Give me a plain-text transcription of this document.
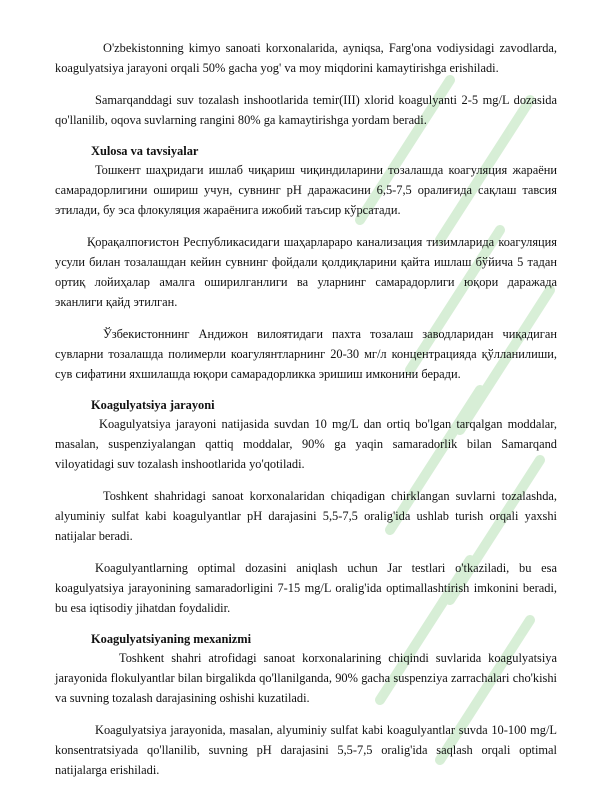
O'zbekistonning kimyo sanoati korxonalarida, ayniqsa, Farg'ona vodiysidagi zavodlarda, koagulyatsiya jarayoni orqali 50% gacha yog' va moy miqdorini kamaytirishga erishiladi.

Samarqanddagi suv tozalash inshootlarida temir(III) xlorid koagulyanti 2-5 mg/L dozasida qo'llanilib, oqova suvlarning rangini 80% ga kamaytirishga yordam beradi.

Xulosa va tavsiyalar

Тошкент шаҳридаги ишлаб чиқариш чиқиндиларини тозалашда коагуляция жараёни самарадорлигини ошириш учун, сувнинг pH даражасини 6,5-7,5 оралиғида сақлаш тавсия этилади, бу эса флокуляция жараёнига ижобий таъсир кўрсатади.

Қорақалпоғистон Республикасидаги шаҳарлараро канализация тизимларида коагуляция усули билан тозалашдан кейин сувнинг фойдали қолдиқларини қайта ишлаш бўйича 5 тадан ортиқ лойиҳалар амалга оширилганлиги ва уларнинг самарадорлиги юқори даражада эканлиги қайд этилган.

Ўзбекистоннинг Андижон вилоятидаги пахта тозалаш заводларидан чиқадиган сувларни тозалашда полимерли коагулянтларнинг 20-30 мг/л концентрацияда қўлланилиши, сув сифатини яхшилашда юқори самарадорликка эришиш имконини беради.

Koagulyatsiya jarayoni

Koagulyatsiya jarayoni natijasida suvdan 10 mg/L dan ortiq bo'lgan tarqalgan moddalar, masalan, suspenziyalangan qattiq moddalar, 90% ga yaqin samaradorlik bilan Samarqand viloyatidagi suv tozalash inshootlarida yo'qotiladi.

Toshkent shahridagi sanoat korxonalaridan chiqadigan chirklangan suvlarni tozalashda, alyuminiy sulfat kabi koagulyantlar pH darajasini 5,5-7,5 oralig'ida ushlab turish orqali yaxshi natijalar beradi.

Koagulyantlarning optimal dozasini aniqlash uchun Jar testlari o'tkaziladi, bu esa koagulyatsiya jarayonining samaradorligini 7-15 mg/L oralig'ida optimallashtirish imkonini beradi, bu esa iqtisodiy jihatdan foydalidir.

Koagulyatsiyaning mexanizmi

Toshkent shahri atrofidagi sanoat korxonalarining chiqindi suvlarida koagulyatsiya jarayonida flokulyantlar bilan birgalikda qo'llanilganda, 90% gacha suspenziya zarrachalari cho'kishi va suvning tozalash darajasining oshishi kuzatiladi.

Koagulyatsiya jarayonida, masalan, alyuminiy sulfat kabi koagulyantlar suvda 10-100 mg/L konsentratsiyada qo'llanilib, suvning pH darajasini 5,5-7,5 oralig'ida saqlash orqali optimal natijalarga erishiladi.
